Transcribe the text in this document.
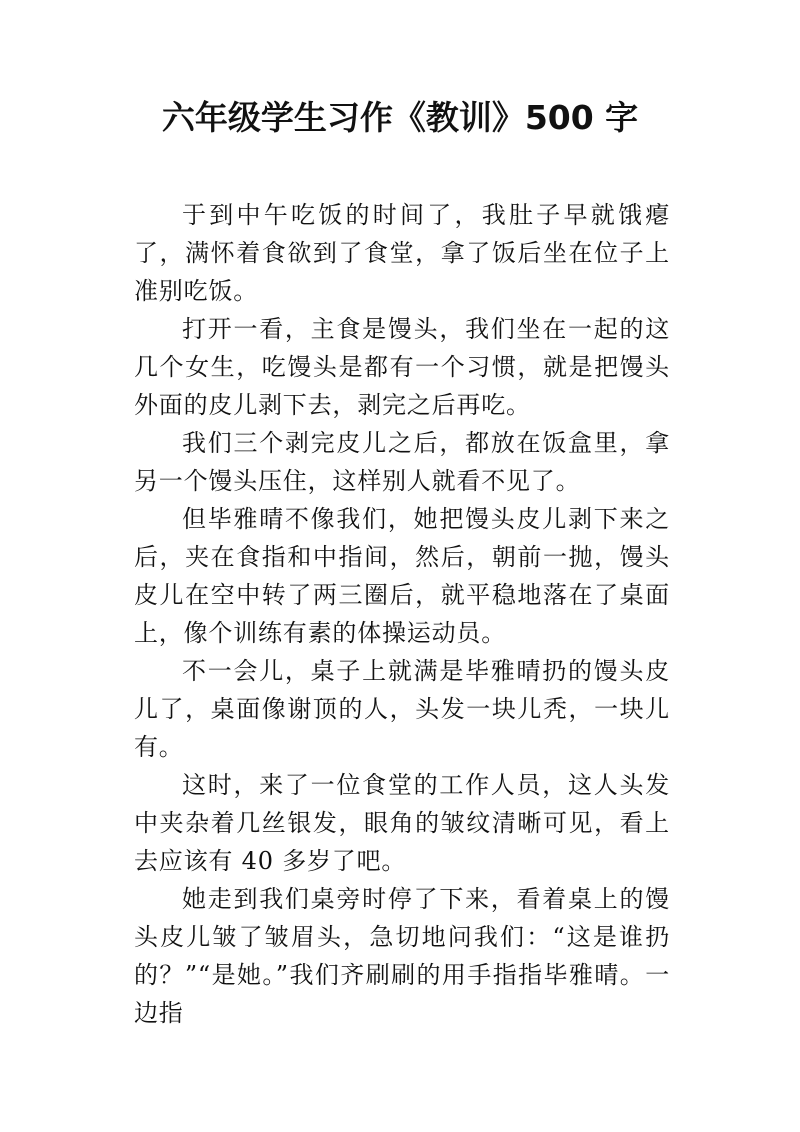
六年级学生习作《教训》500 字

于到中午吃饭的时间了，我肚子早就饿瘪了，满怀着食欲到了食堂，拿了饭后坐在位子上准别吃饭。

打开一看，主食是馒头，我们坐在一起的这几个女生，吃馒头是都有一个习惯，就是把馒头外面的皮儿剥下去，剥完之后再吃。

我们三个剥完皮儿之后，都放在饭盒里，拿另一个馒头压住，这样别人就看不见了。

但毕雅晴不像我们，她把馒头皮儿剥下来之后，夹在食指和中指间，然后，朝前一抛，馒头皮儿在空中转了两三圈后，就平稳地落在了桌面上，像个训练有素的体操运动员。

不一会儿，桌子上就满是毕雅晴扔的馒头皮儿了，桌面像谢顶的人，头发一块儿秃，一块儿有。

这时，来了一位食堂的工作人员，这人头发中夹杂着几丝银发，眼角的皱纹清晰可见，看上去应该有 40 多岁了吧。

她走到我们桌旁时停了下来，看着桌上的馒头皮儿皱了皱眉头，急切地问我们：“这是谁扔的？”“是她。”我们齐刷刷的用手指指毕雅晴。一边指
